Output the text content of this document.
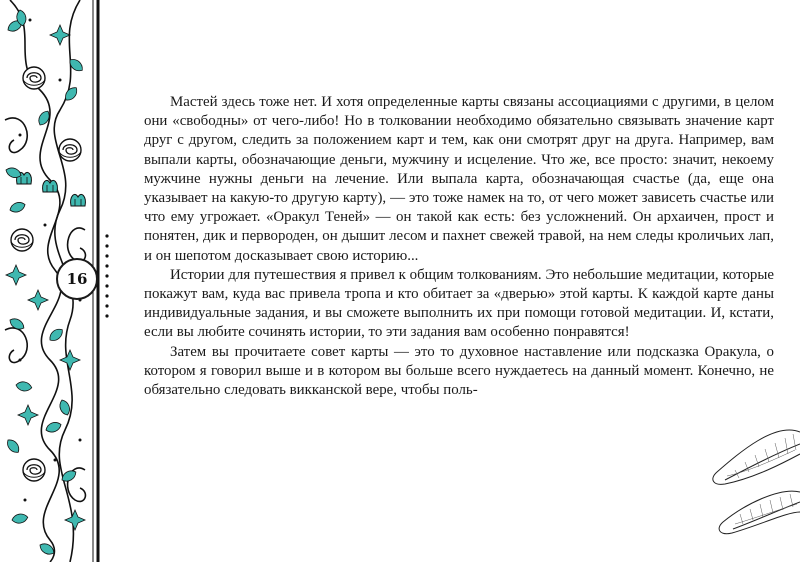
16

Мастей здесь тоже нет. И хотя определенные карты связаны ассоциациями с другими, в целом они «свободны» от чего-либо! Но в толковании необходимо обязательно связывать значение карт друг с другом, следить за положением карт и тем, как они смотрят друг на друга. Например, вам выпали карты, обозначающие деньги, мужчину и исцеление. Что же, все просто: значит, некоему мужчине нужны деньги на лечение. Или выпала карта, обозначающая счастье (да, еще она указывает на какую-то другую карту), — это тоже намек на то, от чего может зависеть счастье или что ему угрожает. «Оракул Теней» — он такой как есть: без усложнений. Он архаичен, прост и понятен, дик и первороден, он дышит лесом и пахнет свежей травой, на нем следы кроличьих лап, и он шепотом досказывает свою историю...

Истории для путешествия я привел к общим толкованиям. Это небольшие медитации, которые покажут вам, куда вас привела тропа и кто обитает за «дверью» этой карты. К каждой карте даны индивидуальные задания, и вы сможете выполнить их при помощи готовой медитации. И, кстати, если вы любите сочинять истории, то эти задания вам особенно понравятся!

Затем вы прочитаете совет карты — это то духовное наставление или подсказка Оракула, о котором я говорил выше и в котором вы больше всего нуждаетесь на данный момент. Конечно, не обязательно следовать викканской вере, чтобы поль-
